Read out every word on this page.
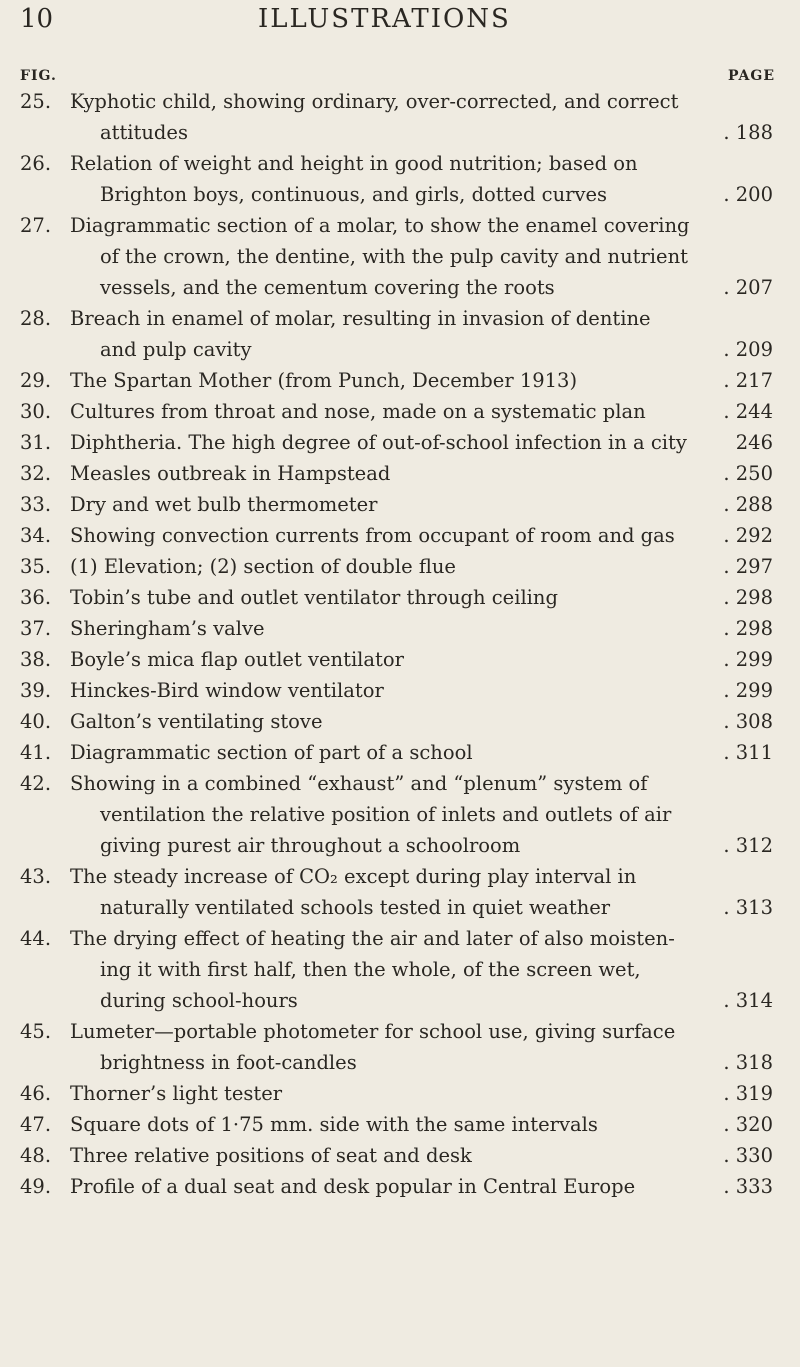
10	ILLUSTRATIONS
FIG.	PAGE
25. Kyphotic child, showing ordinary, over-corrected, and correct
attitudes	. 188
26. Relation of weight and height in good nutrition; based on
Brighton boys, continuous, and girls, dotted curves	. 200
27. Diagrammatic section of a molar, to show the enamel covering
of the crown, the dentine, with the pulp cavity and nutrient
vessels, and the cementum covering the roots	. 207
28. Breach in enamel of molar, resulting in invasion of dentine
and pulp cavity	. 209
29. The Spartan Mother (from Punch, December 1913)	. 217
30. Cultures from throat and nose, made on a systematic plan	. 244
31. Diphtheria. The high degree of out-of-school infection in a city	246
32. Measles outbreak in Hampstead	. 250
33. Dry and wet bulb thermometer	. 288
34. Showing convection currents from occupant of room and gas	. 292
35. (1) Elevation; (2) section of double flue	. 297
36. Tobin’s tube and outlet ventilator through ceiling	. 298
37. Sheringham’s valve	. 298
38. Boyle’s mica flap outlet ventilator	. 299
39. Hinckes-Bird window ventilator	. 299
40. Galton’s ventilating stove	. 308
41. Diagrammatic section of part of a school	. 311
42. Showing in a combined “exhaust” and “plenum” system of
ventilation the relative position of inlets and outlets of air
giving purest air throughout a schoolroom	. 312
43. The steady increase of CO₂ except during play interval in
naturally ventilated schools tested in quiet weather	. 313
44. The drying effect of heating the air and later of also moisten-
ing it with first half, then the whole, of the screen wet,
during school-hours	. 314
45. Lumeter—portable photometer for school use, giving surface
brightness in foot-candles	. 318
46. Thorner’s light tester	. 319
47. Square dots of 1·75 mm. side with the same intervals	. 320
48. Three relative positions of seat and desk	. 330
49. Profile of a dual seat and desk popular in Central Europe	. 333
